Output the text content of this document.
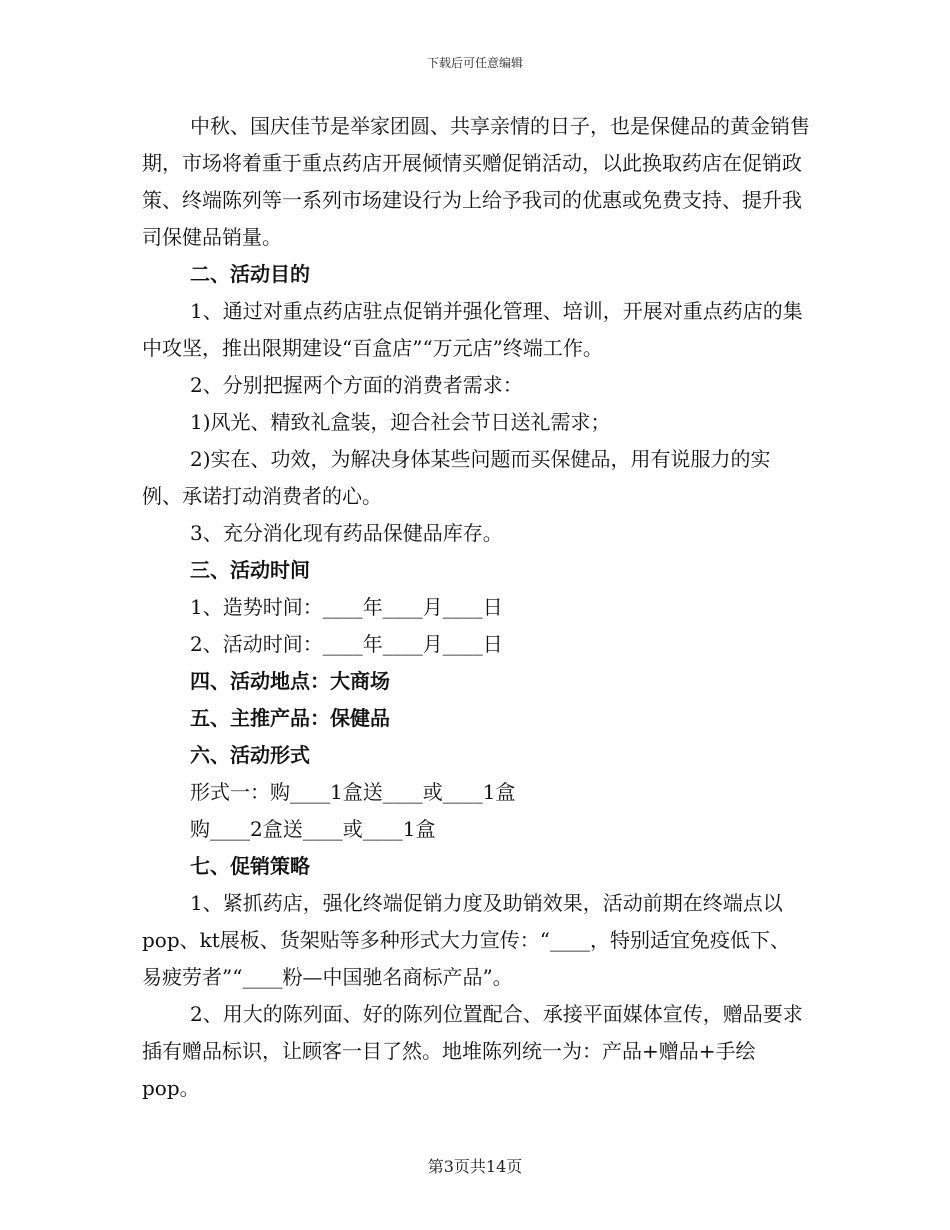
下载后可任意编辑

中秋、国庆佳节是举家团圆、共享亲情的日子，也是保健品的黄金销售期，市场将着重于重点药店开展倾情买赠促销活动，以此换取药店在促销政策、终端陈列等一系列市场建设行为上给予我司的优惠或免费支持、提升我司保健品销量。

二、活动目的

1、通过对重点药店驻点促销并强化管理、培训，开展对重点药店的集中攻坚，推出限期建设“百盒店”“万元店”终端工作。

2、分别把握两个方面的消费者需求：

1)风光、精致礼盒装，迎合社会节日送礼需求；

2)实在、功效，为解决身体某些问题而买保健品，用有说服力的实例、承诺打动消费者的心。

3、充分消化现有药品保健品库存。

三、活动时间

1、造势时间：____年____月____日

2、活动时间：____年____月____日

四、活动地点：大商场

五、主推产品：保健品

六、活动形式

形式一：购____1盒送____或____1盒

购____2盒送____或____1盒

七、促销策略

1、紧抓药店，强化终端促销力度及助销效果，活动前期在终端点以pop、kt展板、货架贴等多种形式大力宣传：“____，特别适宜免疫低下、易疲劳者”“____粉—中国驰名商标产品”。

2、用大的陈列面、好的陈列位置配合、承接平面媒体宣传，赠品要求插有赠品标识，让顾客一目了然。地堆陈列统一为：产品+赠品+手绘pop。

第3页共14页
